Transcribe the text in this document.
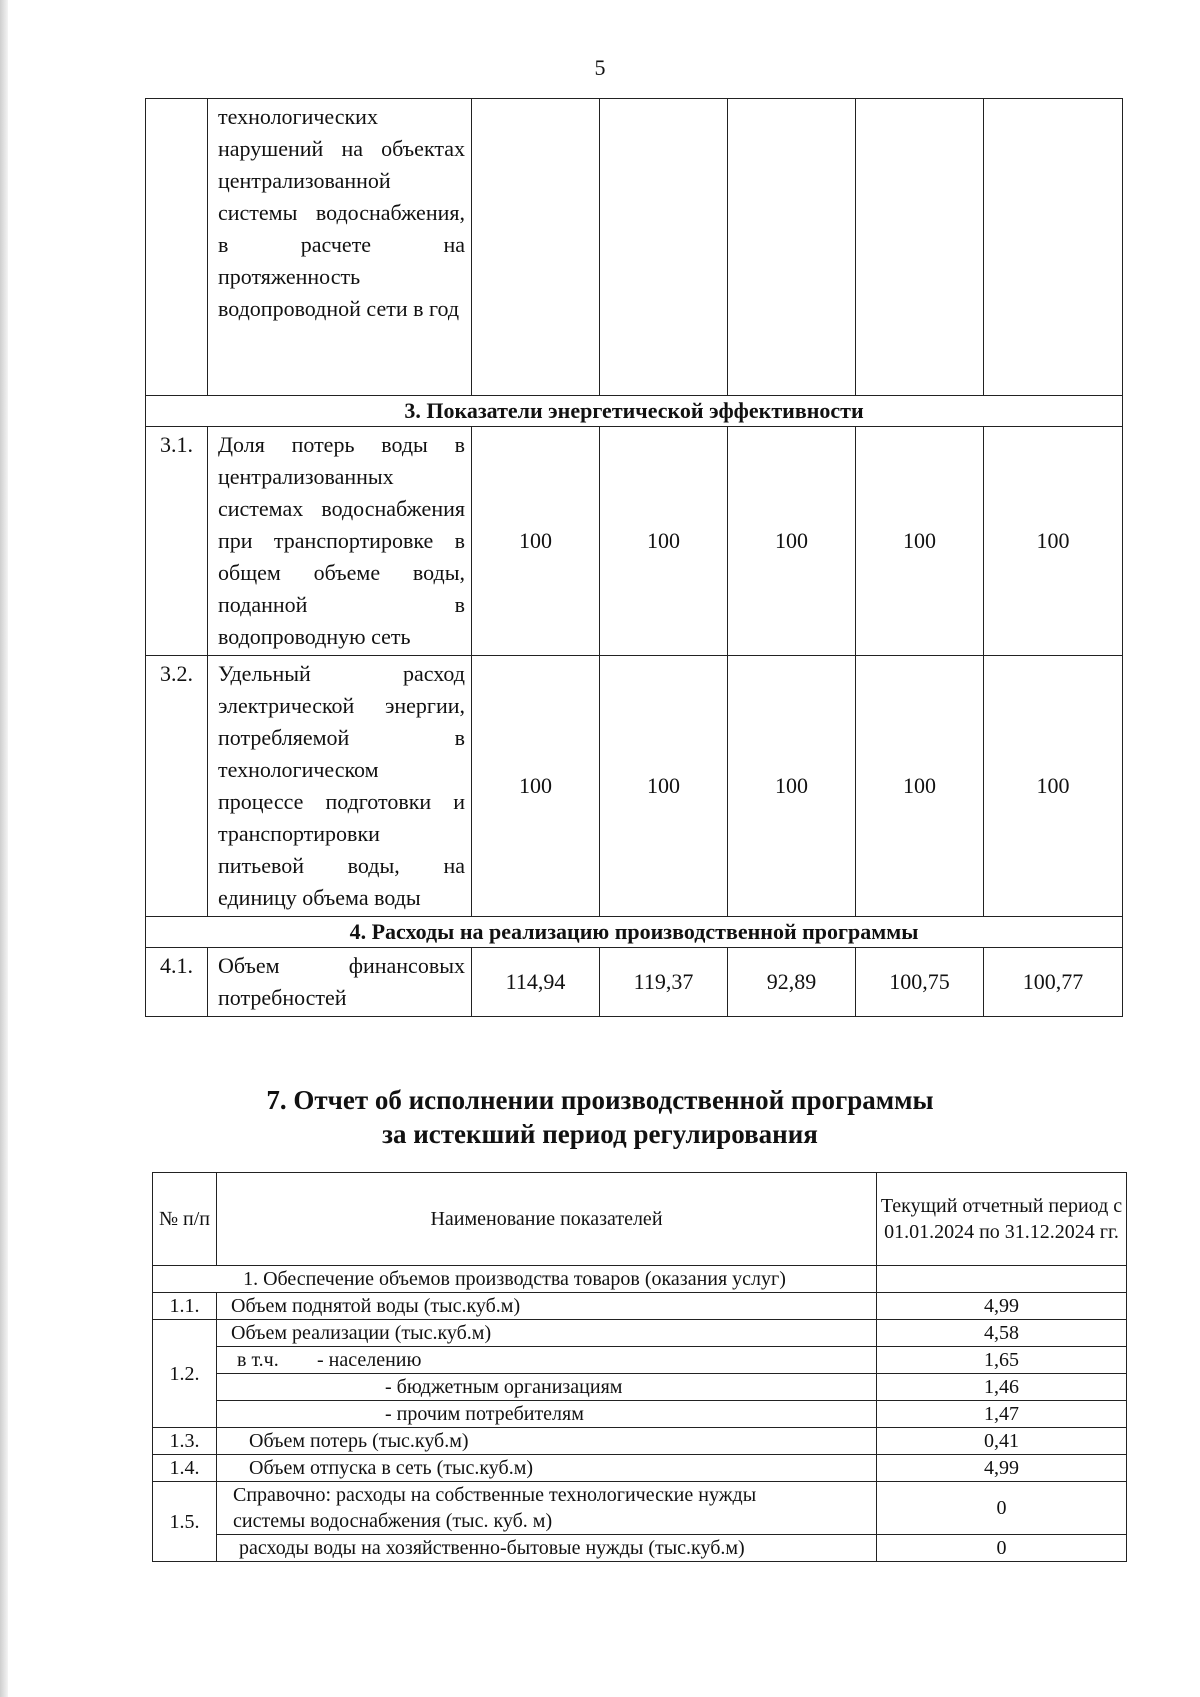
5
	технологических нарушений на объектах централизованной системы водоснабжения, в расчете на протяженность водопроводной сети в год					
3. Показатели энергетической эффективности						
3.1.	Доля потерь воды в централизованных системах водоснабжения при транспортировке в общем объеме воды, поданной в водопроводную сеть	100	100	100	100	100
3.2.	Удельный расход электрической энергии, потребляемой в технологическом процессе подготовки и транспортировки питьевой воды, на единицу объема воды	100	100	100	100	100
4. Расходы на реализацию производственной программы						
4.1.	Объем финансовых потребностей	114,94	119,37	92,89	100,75	100,77
7. Отчет об исполнении производственной программы
за истекший период регулирования
№ п/п	Наименование показателей	Текущий отчетный период с 01.01.2024 по 31.12.2024 гг.
1. Обеспечение объемов производства товаров (оказания услуг)		
1.1.	Объем поднятой воды (тыс.куб.м)	4,99
1.2.	Объем реализации (тыс.куб.м)	4,58
	в т.ч. - населению	1,65
	- бюджетным организациям	1,46
	- прочим потребителям	1,47
1.3.	Объем потерь (тыс.куб.м)	0,41
1.4.	Объем отпуска в сеть (тыс.куб.м)	4,99
1.5.	Справочно: расходы на собственные технологические нужды системы водоснабжения (тыс. куб. м)	0
	расходы воды на хозяйственно-бытовые нужды (тыс.куб.м)	0
